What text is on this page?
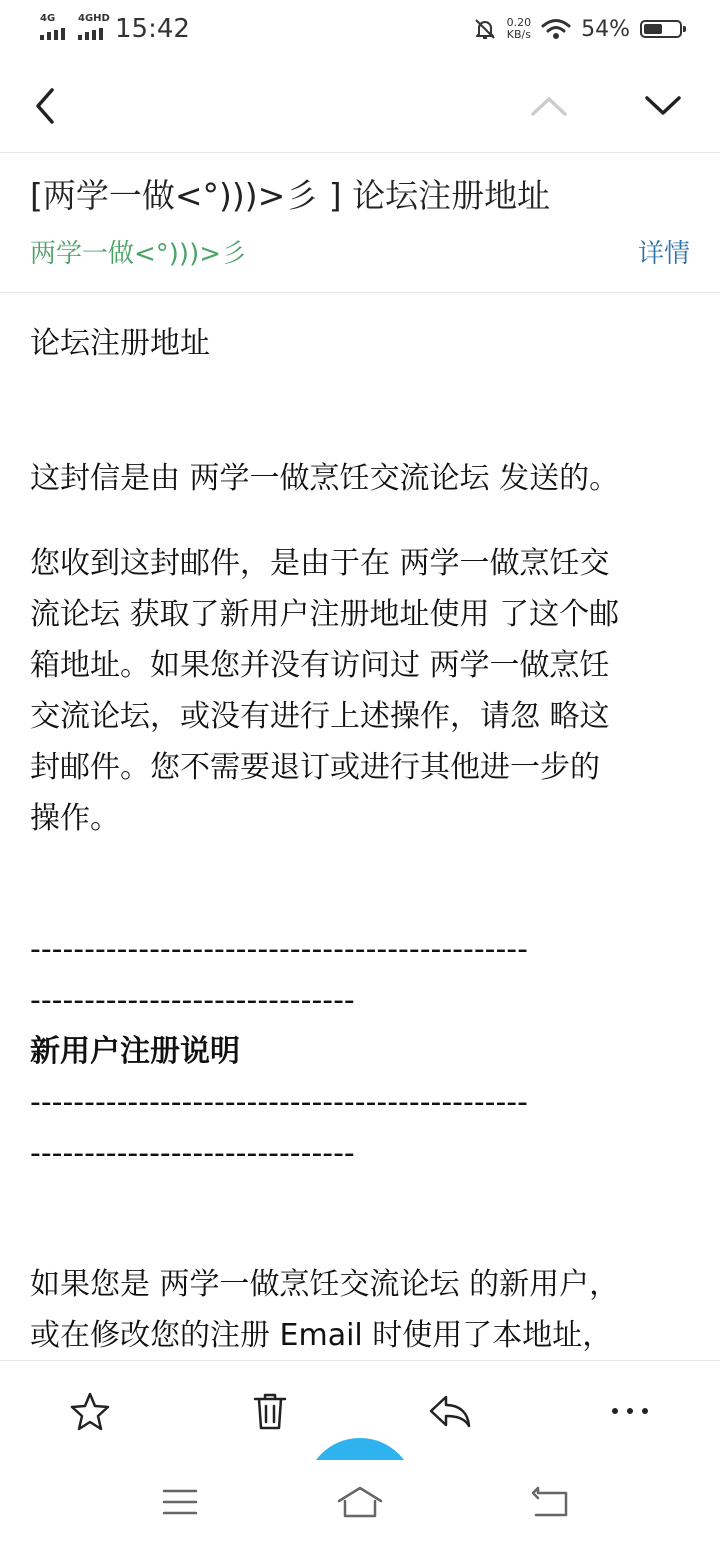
4G 4GHD 15:42	0.20
KB/s 54%
[两学一做<°)))>彡 ] 论坛注册地址
两学一做<°)))>彡	详情

论坛注册地址

这封信是由 两学一做烹饪交流论坛 发送的。

您收到这封邮件，是由于在 两学一做烹饪交

流论坛 获取了新用户注册地址使用 了这个邮

箱地址。如果您并没有访问过 两学一做烹饪

交流论坛，或没有进行上述操作，请忽 略这

封邮件。您不需要退订或进行其他进一步的

操作。

----------------------------------------------

------------------------------

新用户注册说明

----------------------------------------------

------------------------------

如果您是 两学一做烹饪交流论坛 的新用户，

或在修改您的注册 Email 时使用了本地址，
